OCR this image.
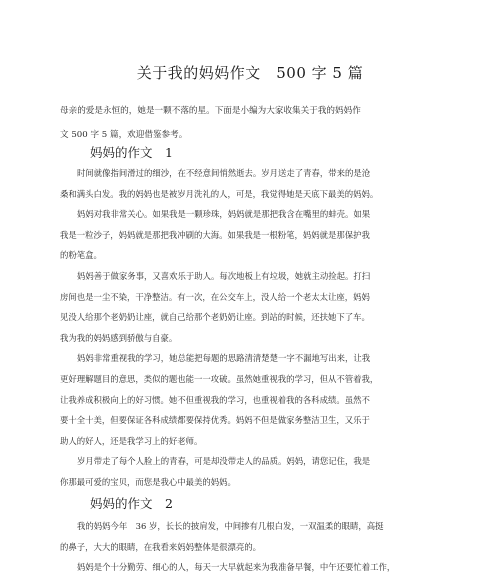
关于我的妈妈作文　500 字 5 篇
母亲的爱是永恒的，她是一颗不落的星。下面是小编为大家收集关于我的妈妈作
文 500 字 5 篇，欢迎借鉴参考。
妈妈的作文　1
时间就像指间滑过的细沙，在不经意间悄然逝去。岁月送走了青春，带来的是沧
桑和满头白发。我的妈妈也是被岁月洗礼的人，可是，我觉得她是天底下最美的妈妈。
妈妈对我非常关心。如果我是一颗珍珠，妈妈就是那把我含在嘴里的蚌壳。如果
我是一粒沙子，妈妈就是那把我冲刷的大海。如果我是一根粉笔，妈妈就是那保护我
的粉笔盒。
妈妈善于做家务事，又喜欢乐于助人。每次地板上有垃圾，她就主动捡起。打扫
房间也是一尘不染，干净整洁。有一次，在公交车上，没人给一个老太太让座，妈妈
见没人给那个老奶奶让座，就自己给那个老奶奶让座。到站的时候，还扶她下了车。
我为我的妈妈感到骄傲与自豪。
妈妈非常重视我的学习，她总能把每题的思路清清楚楚一字不漏地写出来，让我
更好理解题目的意思，类似的题也能一一攻破。虽然她重视我的学习，但从不管着我，
让我养成积极向上的好习惯。她不但重视我的学习，也重视着我的各科成绩。虽然不
要十全十美，但要保证各科成绩都要保持优秀。妈妈不但是做家务整洁卫生，又乐于
助人的好人，还是我学习上的好老师。
岁月带走了每个人脸上的青春，可是却没带走人的品质。妈妈，请您记住，我是
你那最可爱的宝贝，而您是我心中最美的妈妈。
妈妈的作文　2
我的妈妈今年　36 岁，长长的披肩发，中间掺有几根白发，一双温柔的眼睛，高挺
的鼻子，大大的眼睛，在我看来妈妈整体是很漂亮的。
妈妈是个十分勤劳、细心的人，每天一大早就起来为我准备早餐，中午还要忙着工作，
